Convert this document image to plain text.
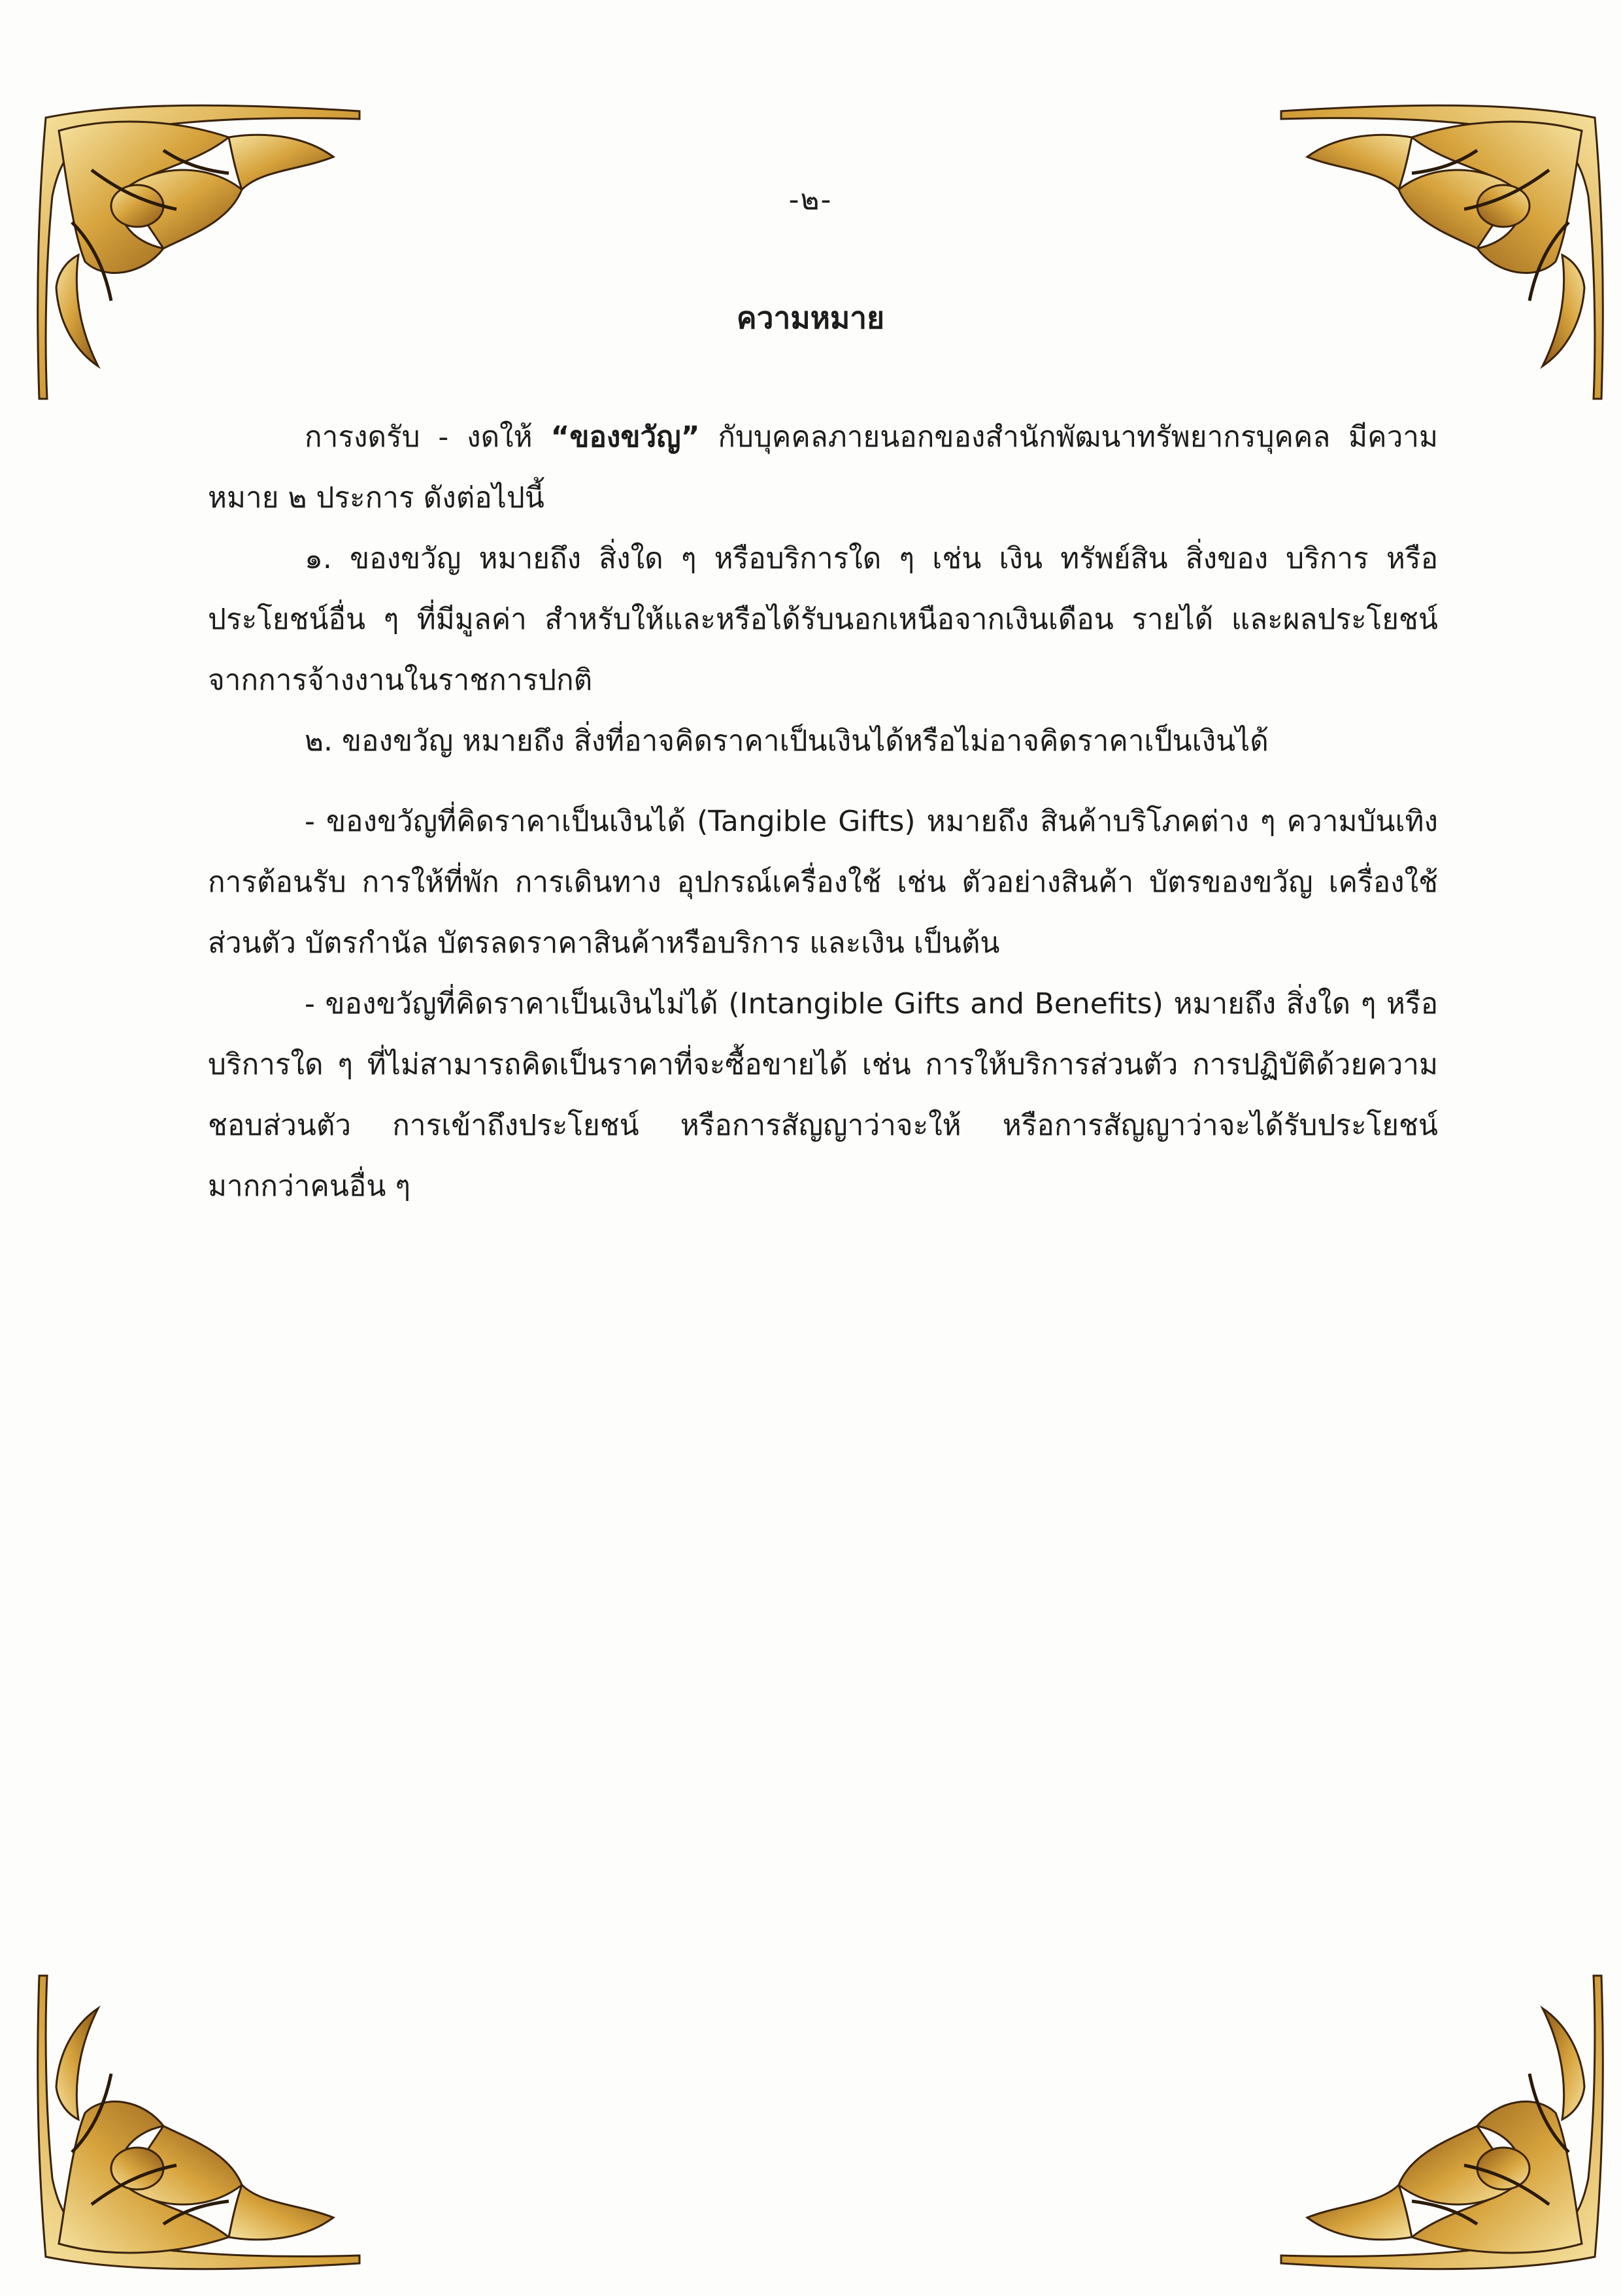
-๒-
ความหมาย

การงดรับ - งดให้ “ของขวัญ” กับบุคคลภายนอกของสำนักพัฒนาทรัพยากรบุคคล มีความหมาย ๒ ประการ ดังต่อไปนี้

๑. ของขวัญ หมายถึง สิ่งใด ๆ หรือบริการใด ๆ เช่น เงิน ทรัพย์สิน สิ่งของ บริการ หรือประโยชน์อื่น ๆ ที่มีมูลค่า สำหรับให้และหรือได้รับนอกเหนือจากเงินเดือน รายได้ และผลประโยชน์จากการจ้างงานในราชการปกติ

๒. ของขวัญ หมายถึง สิ่งที่อาจคิดราคาเป็นเงินได้หรือไม่อาจคิดราคาเป็นเงินได้

- ของขวัญที่คิดราคาเป็นเงินได้ (Tangible Gifts) หมายถึง สินค้าบริโภคต่าง ๆ ความบันเทิง การต้อนรับ การให้ที่พัก การเดินทาง อุปกรณ์เครื่องใช้ เช่น ตัวอย่างสินค้า บัตรของขวัญ เครื่องใช้ส่วนตัว บัตรกำนัล บัตรลดราคาสินค้าหรือบริการ และเงิน เป็นต้น

- ของขวัญที่คิดราคาเป็นเงินไม่ได้ (Intangible Gifts and Benefits) หมายถึง สิ่งใด ๆ หรือบริการใด ๆ ที่ไม่สามารถคิดเป็นราคาที่จะซื้อขายได้ เช่น การให้บริการส่วนตัว การปฏิบัติด้วยความชอบส่วนตัว การเข้าถึงประโยชน์ หรือการสัญญาว่าจะให้ หรือการสัญญาว่าจะได้รับประโยชน์มากกว่าคนอื่น ๆ
